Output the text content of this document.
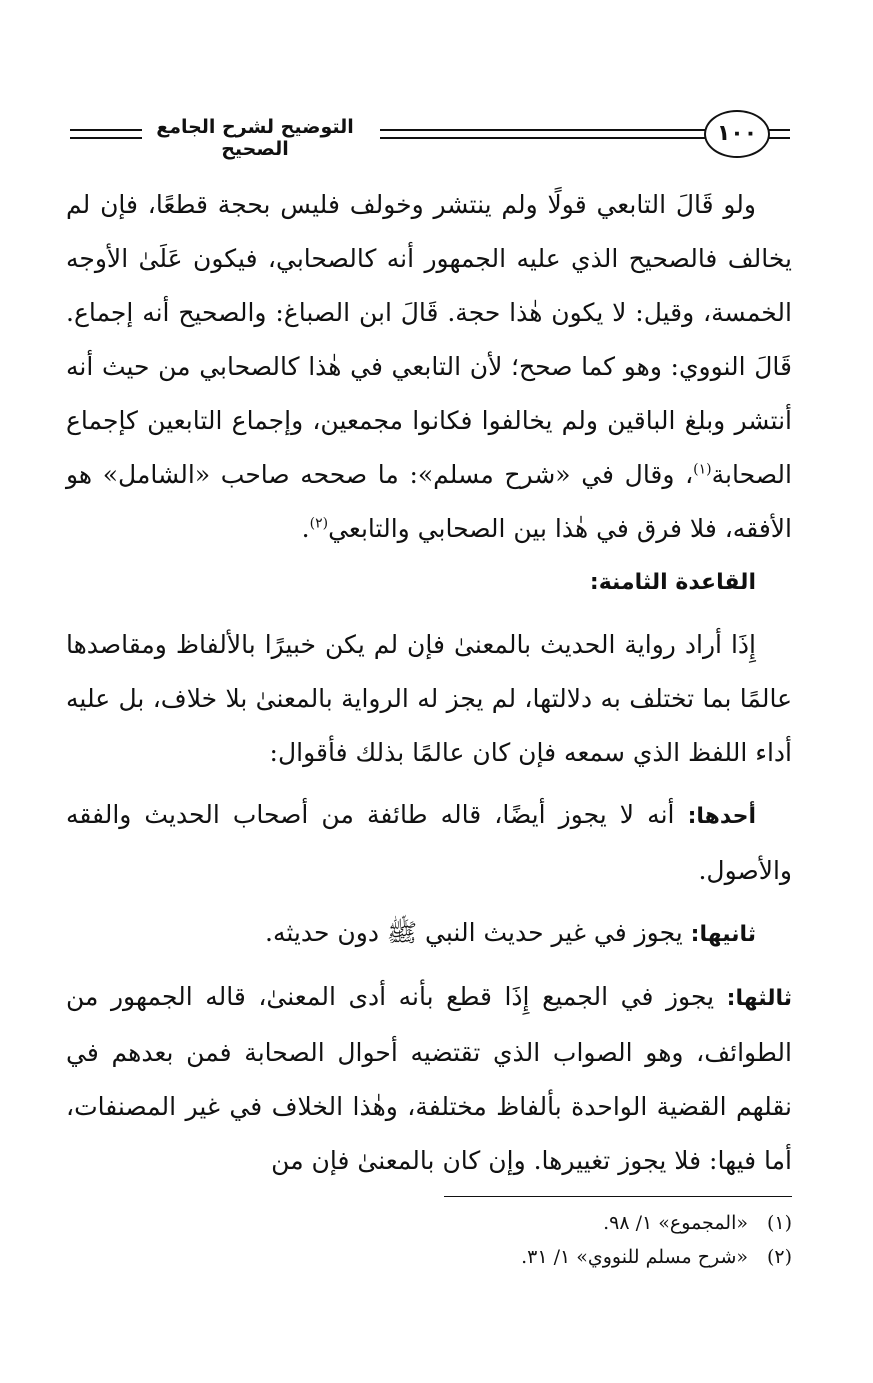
١٠٠
التوضيح لشرح الجامع الصحيح

ولو قَالَ التابعي قولًا ولم ينتشر وخولف فليس بحجة قطعًا، فإن لم يخالف فالصحيح الذي عليه الجمهور أنه كالصحابي، فيكون عَلَىٰ الأوجه الخمسة، وقيل: لا يكون هٰذا حجة. قَالَ ابن الصباغ: والصحيح أنه إجماع. قَالَ النووي: وهو كما صحح؛ لأن التابعي في هٰذا كالصحابي من حيث أنه أنتشر وبلغ الباقين ولم يخالفوا فكانوا مجمعين، وإجماع التابعين كإجماع الصحابة$^{(١)}$، وقال في «شرح مسلم»: ما صححه صاحب «الشامل» هو الأفقه، فلا فرق في هٰذا بين الصحابي والتابعي$^{(٢)}$.

القاعدة الثامنة:

إِذَا أراد رواية الحديث بالمعنىٰ فإن لم يكن خبيرًا بالألفاظ ومقاصدها عالمًا بما تختلف به دلالتها، لم يجز له الرواية بالمعنىٰ بلا خلاف، بل عليه أداء اللفظ الذي سمعه فإن كان عالمًا بذلك فأقوال:

أحدها: أنه لا يجوز أيضًا، قاله طائفة من أصحاب الحديث والفقه والأصول.

ثانيها: يجوز في غير حديث النبي ﷺ دون حديثه.

ثالثها: يجوز في الجميع إِذَا قطع بأنه أدى المعنىٰ، قاله الجمهور من الطوائف، وهو الصواب الذي تقتضيه أحوال الصحابة فمن بعدهم في نقلهم القضية الواحدة بألفاظ مختلفة، وهٰذا الخلاف في غير المصنفات، أما فيها: فلا يجوز تغييرها. وإن كان بالمعنىٰ فإن من

(١)«المجموع» ١/ ٩٨.
(٢)«شرح مسلم للنووي» ١/ ٣١.
